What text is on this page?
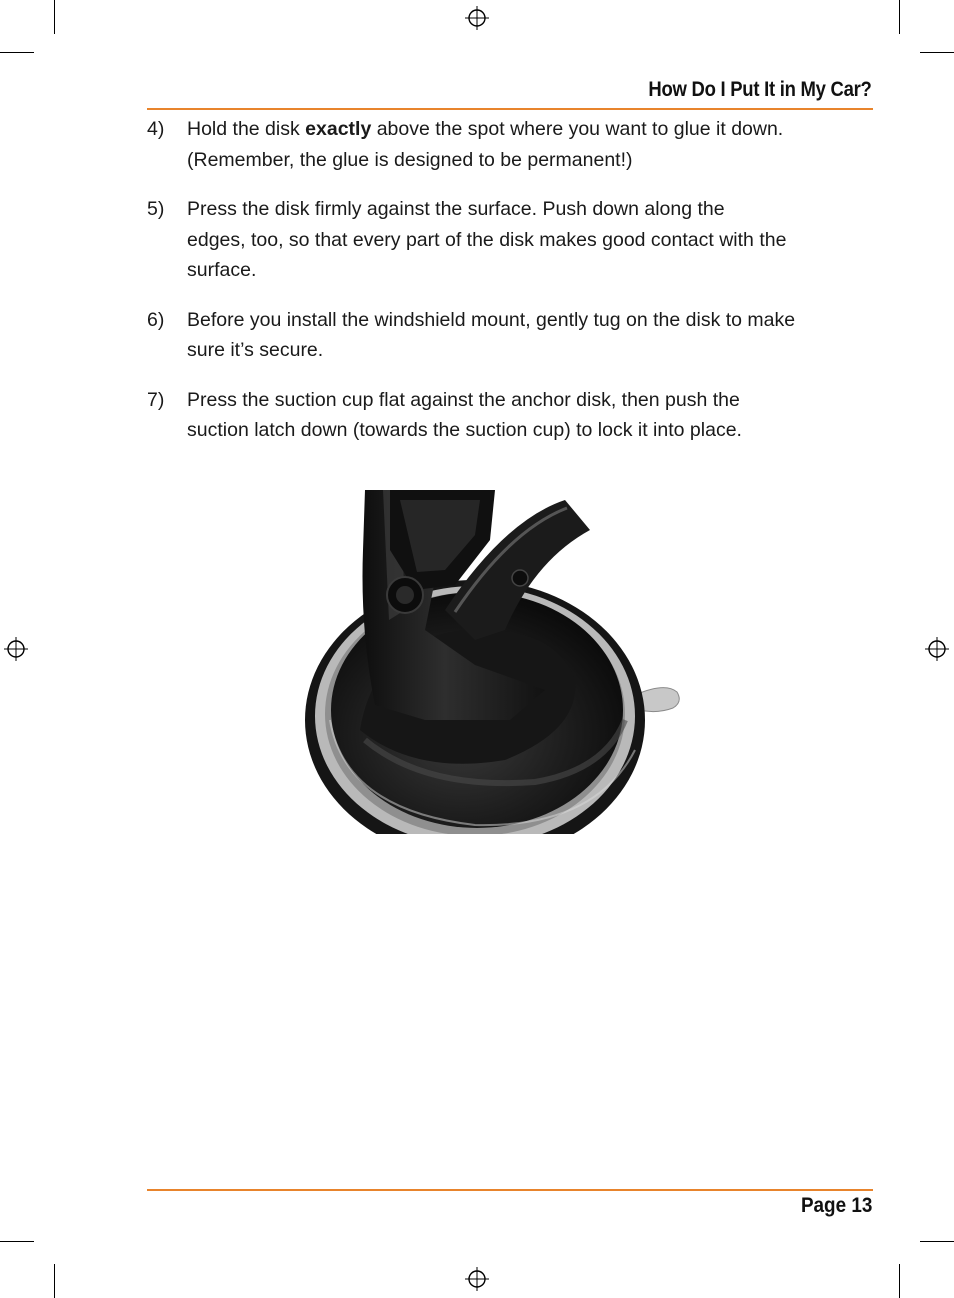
How Do I Put It in My Car?
4)	Hold the disk exactly above the spot where you want to glue it down.
(Remember, the glue is designed to be permanent!)
5)	Press the disk firmly against the surface. Push down along the
edges, too, so that every part of the disk makes good contact with the
surface.
6)	Before you install the windshield mount, gently tug on the disk to make
sure it’s secure.
7)	Press the suction cup flat against the anchor disk, then push the
suction latch down (towards the suction cup) to lock it into place.
Page 13
